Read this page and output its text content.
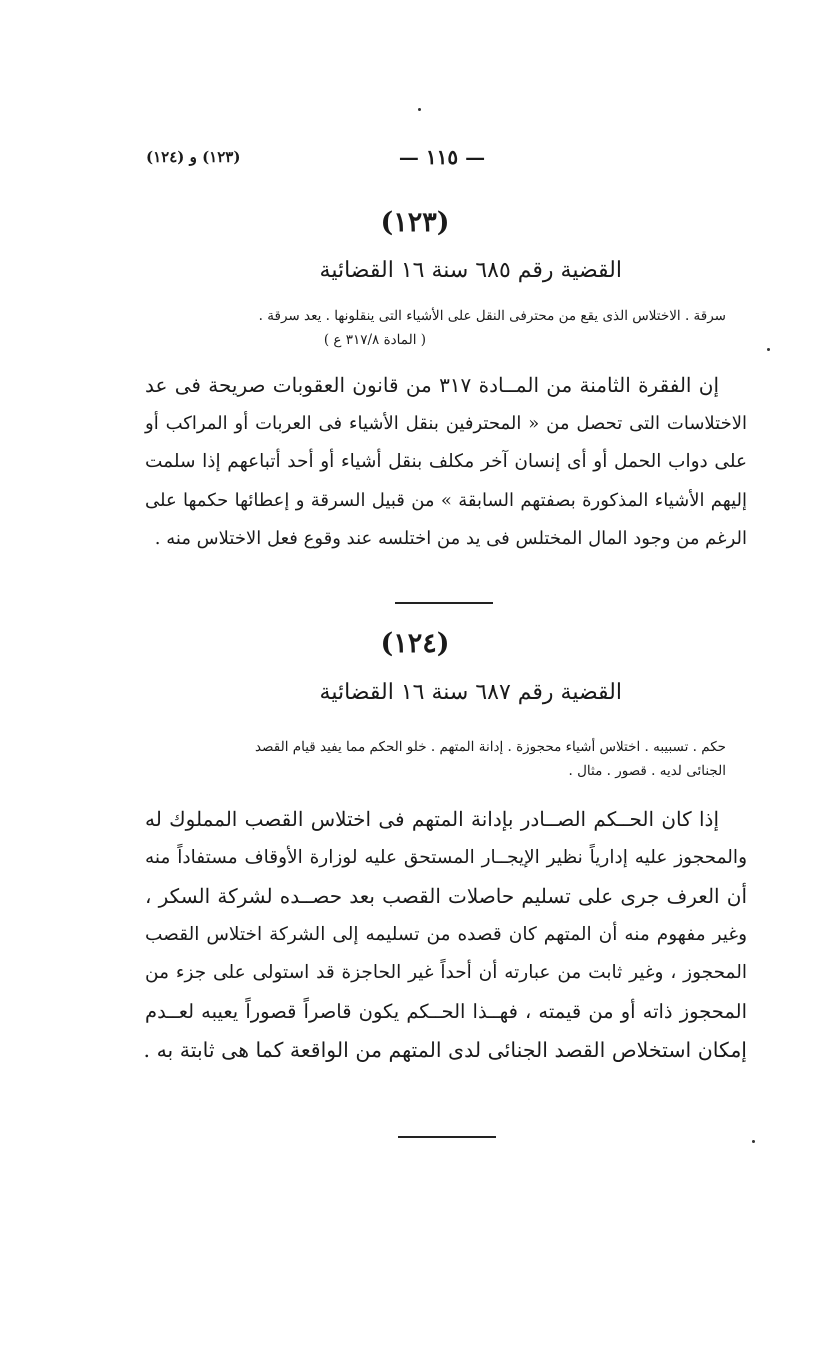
(١٢٣) و (١٢٤)	— ١١٥ —
(١٢٣)
القضية رقم ٦٨٥ سنة ١٦ القضائية
سرقة . الاختلاس الذى يقع من محترفى النقل على الأشياء التى ينقلونها . يعد سرقة .
( المادة ٣١٧/٨ ع )
إن الفقرة الثامنة من المــادة ٣١٧ من قانون العقوبات صريحة فى عد
الاختلاسات التى تحصل من « المحترفين بنقل الأشياء فى العربات أو المراكب أو
على دواب الحمل أو أى إنسان آخر مكلف بنقل أشياء أو أحد أتباعهم إذا سلمت
إليهم الأشياء المذكورة بصفتهم السابقة » من قبيل السرقة و إعطائها حكمها على
الرغم من وجود المال المختلس فى يد من اختلسه عند وقوع فعل الاختلاس منه .
(١٢٤)
القضية رقم ٦٨٧ سنة ١٦ القضائية
حكم . تسبيبه . اختلاس أشياء محجوزة . إدانة المتهم . خلو الحكم مما يفيد قيام القصد
الجنائى لديه . قصور . مثال .
إذا كان الحــكم الصــادر بإدانة المتهم فى اختلاس القصب المملوك له
والمحجوز عليه إدارياً نظير الإيجــار المستحق عليه لوزارة الأوقاف مستفاداً منه
أن العرف جرى على تسليم حاصلات القصب بعد حصــده لشركة السكر ،
وغير مفهوم منه أن المتهم كان قصده من تسليمه إلى الشركة اختلاس القصب
المحجوز ، وغير ثابت من عبارته أن أحداً غير الحاجزة قد استولى على جزء من
المحجوز ذاته أو من قيمته ، فهــذا الحــكم يكون قاصراً قصوراً يعيبه لعــدم
إمكان استخلاص القصد الجنائى لدى المتهم من الواقعة كما هى ثابتة به .
